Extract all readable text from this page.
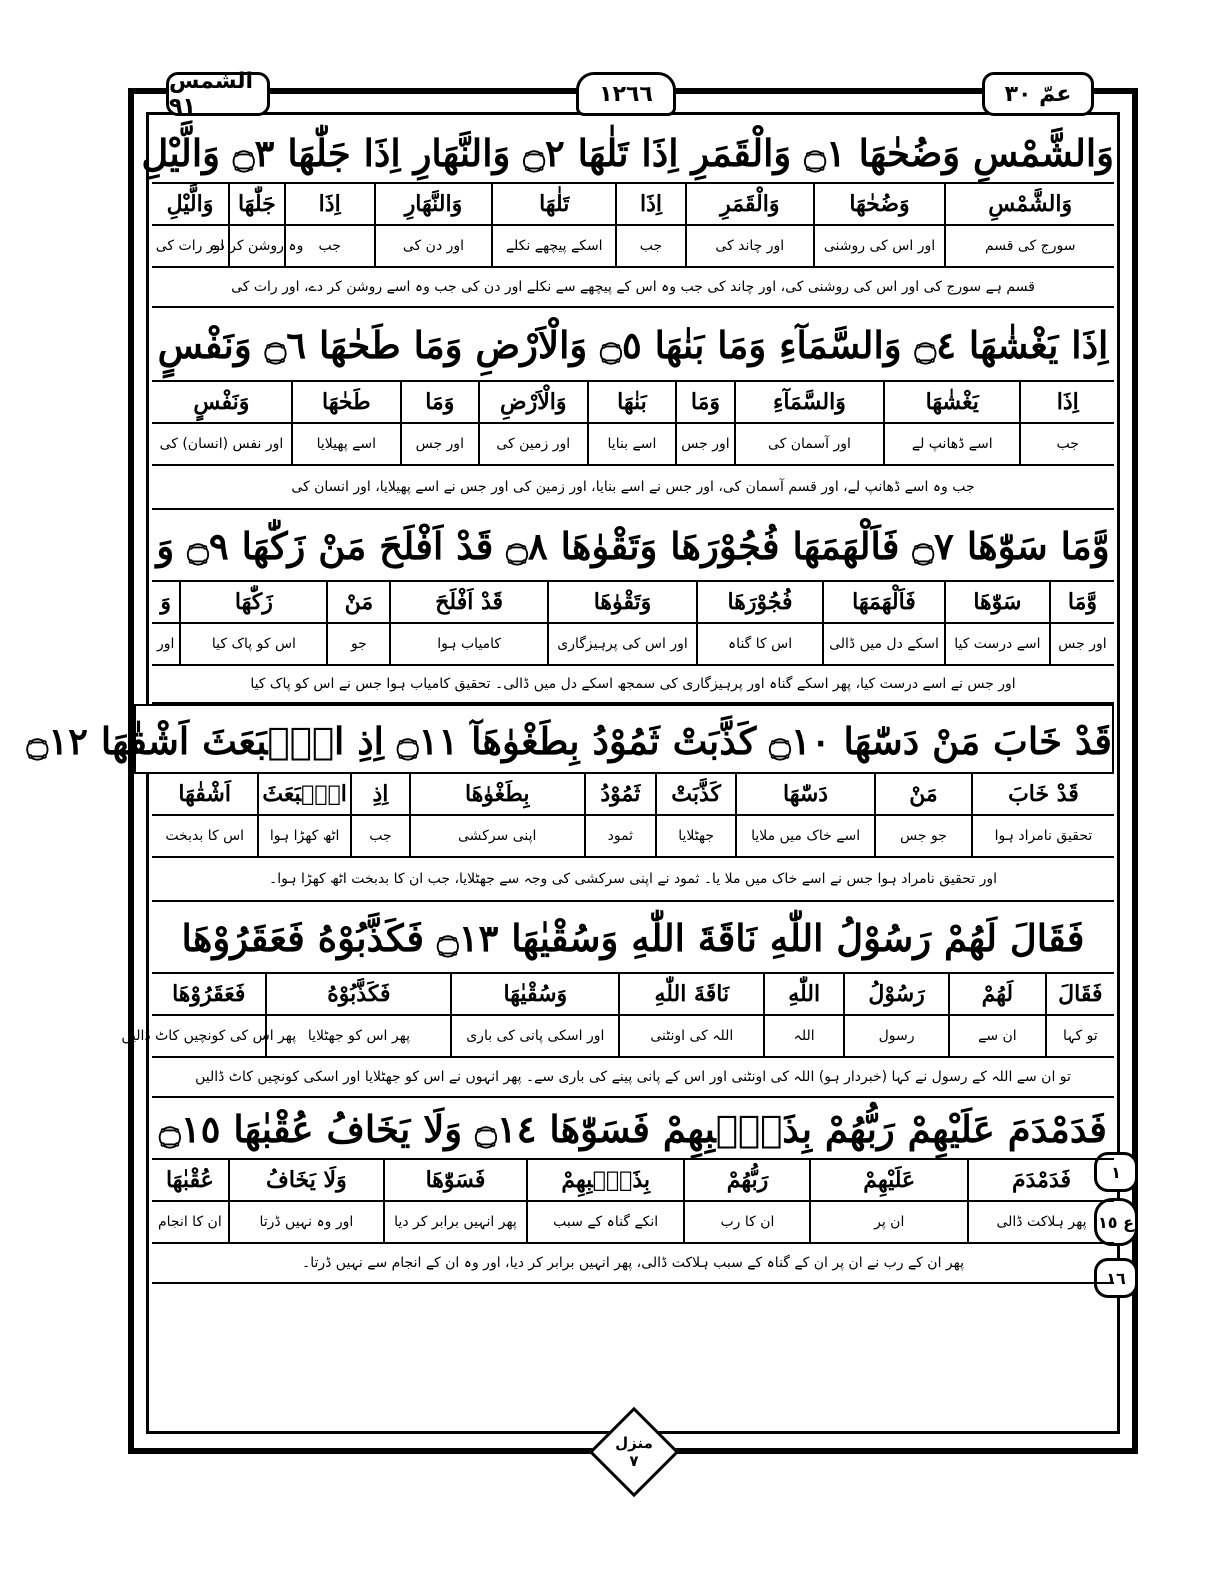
الشمس ٩١	١٢٦٦	عمّ ٣٠
١
ع ١٥
١٦
وَالشَّمْسِ وَضُحٰهَا ۝١ وَالْقَمَرِ اِذَا تَلٰهَا ۝٢ وَالنَّهَارِ اِذَا جَلّٰهَا ۝٣ وَالَّيْلِ
وَالشَّمْسِ
وَضُحٰهَا
وَالْقَمَرِ
اِذَا
تَلٰهَا
وَالنَّهَارِ
اِذَا
جَلّٰهَا
وَالَّيْلِ
سورج کی قسم
اور اس کی روشنی
اور چاند کی
جب
اسکے پیچھے نکلے
اور دن کی
جب
وہ روشن کر دے
اور رات کی
قسم ہے سورج کی اور اس کی روشنی کی، اور چاند کی جب وہ اس کے پیچھے سے نکلے اور دن کی جب وہ اسے روشن کر دے، اور رات کی
اِذَا يَغْشٰهَا ۝٤ وَالسَّمَآءِ وَمَا بَنٰهَا ۝٥ وَالْاَرْضِ وَمَا طَحٰهَا ۝٦ وَنَفْسٍ
اِذَا
يَغْشٰهَا
وَالسَّمَآءِ
وَمَا
بَنٰهَا
وَالْاَرْضِ
وَمَا
طَحٰهَا
وَنَفْسٍ
جب
اسے ڈھانپ لے
اور آسمان کی
اور جس
اسے بنایا
اور زمین کی
اور جس
اسے پھیلایا
اور نفس (انسان) کی
جب وہ اسے ڈھانپ لے، اور قسم آسمان کی، اور جس نے اسے بنایا، اور زمین کی اور جس نے اسے پھیلایا، اور انسان کی
وَّمَا سَوّٰهَا ۝٧ فَاَلْهَمَهَا فُجُوْرَهَا وَتَقْوٰهَا ۝٨ قَدْ اَفْلَحَ مَنْ زَكّٰهَا ۝٩ وَ
وَّمَا
سَوّٰهَا
فَاَلْهَمَهَا
فُجُوْرَهَا
وَتَقْوٰهَا
قَدْ اَفْلَحَ
مَنْ
زَكّٰهَا
وَ
اور جس
اسے درست کیا
اسکے دل میں ڈالی
اس کا گناہ
اور اس کی پرہیزگاری
کامیاب ہوا
جو
اس کو پاک کیا
اور
اور جس نے اسے درست کیا، پھر اسکے گناہ اور پرہیزگاری کی سمجھ اسکے دل میں ڈالی۔ تحقیق کامیاب ہوا جس نے اس کو پاک کیا
قَدْ خَابَ مَنْ دَسّٰهَا ۝١٠ كَذَّبَتْ ثَمُوْدُ بِطَغْوٰهَآ ۝١١ اِذِ انْۢبَعَثَ اَشْقٰهَا ۝١٢
قَدْ خَابَ
مَنْ
دَسّٰهَا
كَذَّبَتْ
ثَمُوْدُ
بِطَغْوٰهَا
اِذِ
انْۢبَعَثَ
اَشْقٰهَا
تحقیق نامراد ہوا
جو جس
اسے خاک میں ملایا
جھٹلایا
ثمود
اپنی سرکشی
جب
اٹھ کھڑا ہوا
اس کا بدبخت
اور تحقیق نامراد ہوا جس نے اسے خاک میں ملا یا۔ ثمود نے اپنی سرکشی کی وجہ سے جھٹلایا، جب ان کا بدبخت اٹھ کھڑا ہوا۔
فَقَالَ لَهُمْ رَسُوْلُ اللّٰهِ نَاقَةَ اللّٰهِ وَسُقْيٰهَا ۝١٣ فَكَذَّبُوْهُ فَعَقَرُوْهَا
فَقَالَ
لَهُمْ
رَسُوْلُ
اللّٰهِ
نَاقَةَ اللّٰهِ
وَسُقْيٰهَا
فَكَذَّبُوْهُ
فَعَقَرُوْهَا
تو کہا
ان سے
رسول
اللہ
اللہ کی اونٹنی
اور اسکی پانی کی باری
پھر اس کو جھٹلایا
پھر اس کی کونچیں کاٹ ڈالیں
تو ان سے اللہ کے رسول نے کہا (خبردار ہو) اللہ کی اونٹنی اور اس کے پانی پینے کی باری سے۔ پھر انہوں نے اس کو جھٹلایا اور اسکی کونچیں کاٹ ڈالیں
فَدَمْدَمَ عَلَيْهِمْ رَبُّهُمْ بِذَنْۢبِهِمْ فَسَوّٰهَا ۝١٤ وَلَا يَخَافُ عُقْبٰهَا ۝١٥
فَدَمْدَمَ
عَلَيْهِمْ
رَبُّهُمْ
بِذَنْۢبِهِمْ
فَسَوّٰهَا
وَلَا يَخَافُ
عُقْبٰهَا
پھر ہلاکت ڈالی
ان پر
ان کا رب
انکے گناہ کے سبب
پھر انہیں برابر کر دیا
اور وہ نہیں ڈرتا
ان کا انجام
پھر ان کے رب نے ان پر ان کے گناہ کے سبب ہلاکت ڈالی، پھر انہیں برابر کر دیا، اور وہ ان کے انجام سے نہیں ڈرتا۔
منزل
٧
